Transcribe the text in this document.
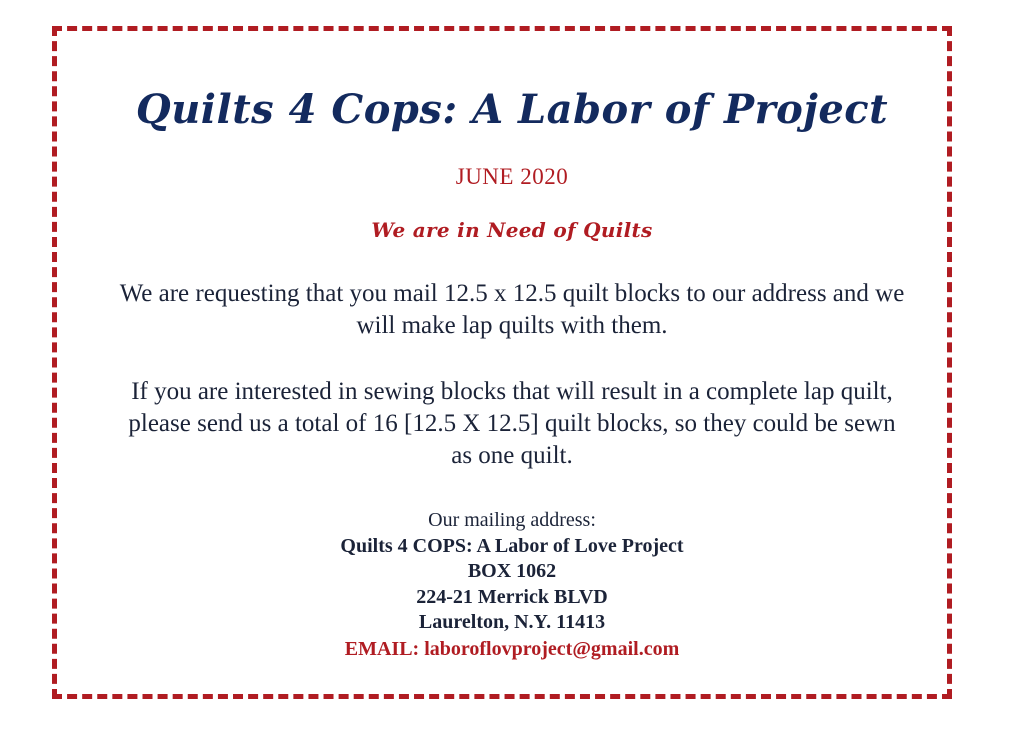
Quilts 4 Cops: A Labor of Project
JUNE 2020
We are in Need of Quilts
We are requesting that you mail 12.5 x 12.5 quilt blocks to our address and we will make lap quilts with them.
If you are interested in sewing blocks that will result in a complete lap quilt, please send us a total of 16 [12.5 X 12.5] quilt blocks, so they could be sewn as one quilt.
Our mailing address:
Quilts 4 COPS: A Labor of Love Project
BOX 1062
224-21 Merrick BLVD
Laurelton, N.Y. 11413
EMAIL: laboroflovproject@gmail.com
